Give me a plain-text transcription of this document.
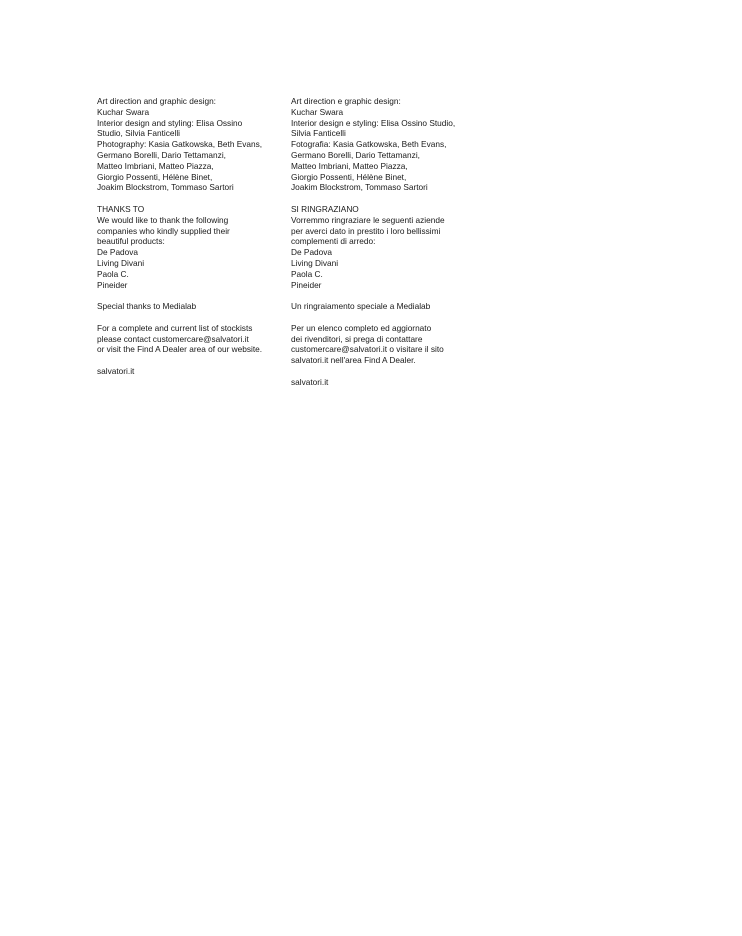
Art direction and graphic design:
Kuchar Swara
Interior design and styling: Elisa Ossino
Studio, Silvia Fanticelli
Photography: Kasia Gatkowska, Beth Evans,
Germano Borelli, Dario Tettamanzi,
Matteo Imbriani, Matteo Piazza,
Giorgio Possenti, Hélène Binet,
Joakim Blockstrom, Tommaso Sartori
THANKS TO
We would like to thank the following
companies who kindly supplied their
beautiful products:
De Padova
Living Divani
Paola C.
Pineider
Special thanks to Medialab
For a complete and current list of stockists
please contact customercare@salvatori.it
or visit the Find A Dealer area of our website.
salvatori.it
Art direction e graphic design:
Kuchar Swara
Interior design e styling: Elisa Ossino Studio,
Silvia Fanticelli
Fotografia: Kasia Gatkowska, Beth Evans,
Germano Borelli, Dario Tettamanzi,
Matteo Imbriani, Matteo Piazza,
Giorgio Possenti, Hélène Binet,
Joakim Blockstrom, Tommaso Sartori
SI RINGRAZIANO
Vorremmo ringraziare le seguenti aziende
per averci dato in prestito i loro bellissimi
complementi di arredo:
De Padova
Living Divani
Paola C.
Pineider
Un ringraiamento speciale a Medialab
Per un elenco completo ed aggiornato
dei rivenditori, si prega di contattare
customercare@salvatori.it o visitare il sito
salvatori.it nell'area Find A Dealer.
salvatori.it
